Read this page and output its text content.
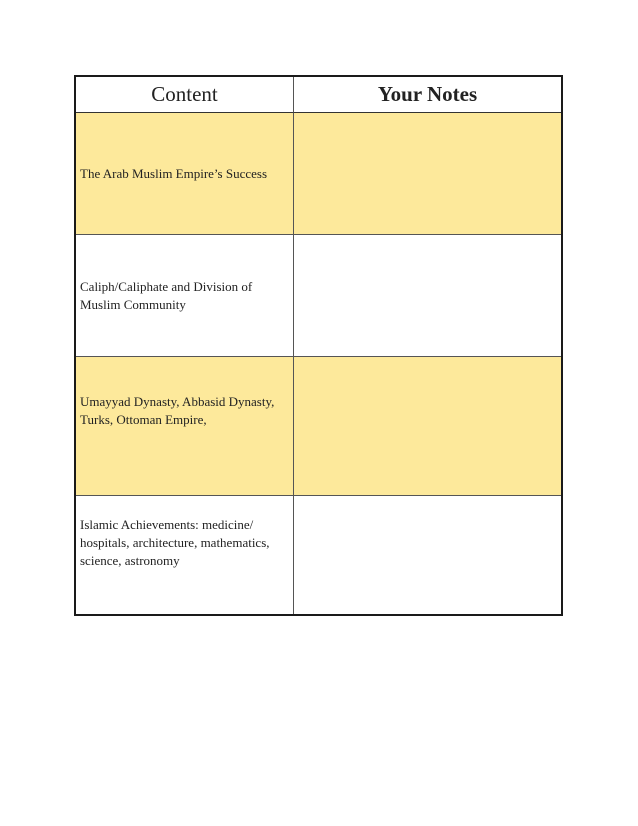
Content	Your Notes
The Arab Muslim Empire’s Success
Caliph/Caliphate and Division of Muslim Community
Umayyad Dynasty, Abbasid Dynasty, Turks, Ottoman Empire,
Islamic Achievements: medicine/ hospitals, architecture, mathematics, science, astronomy
